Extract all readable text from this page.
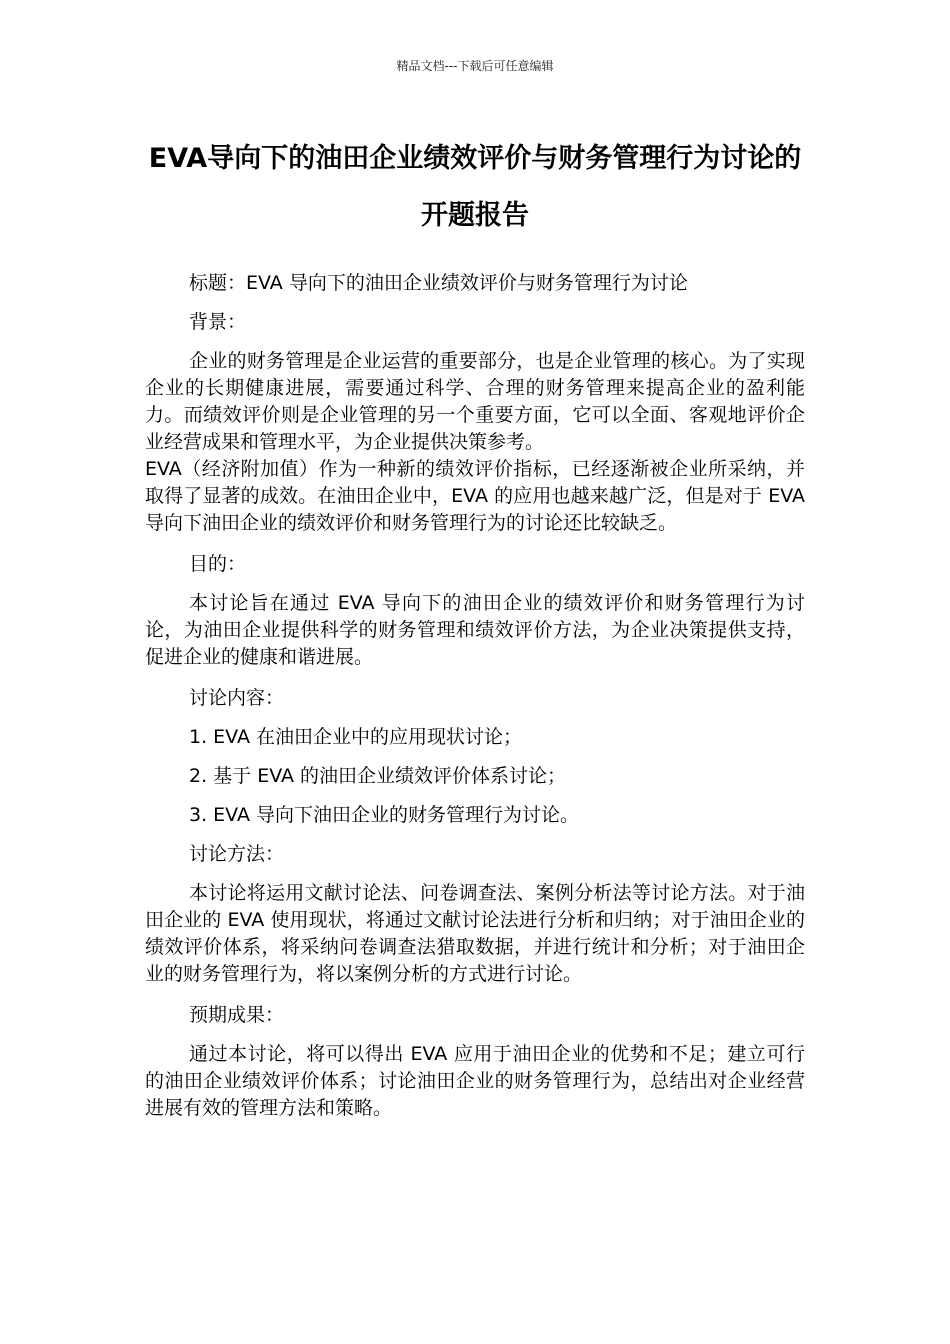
精品文档---下载后可任意编辑
EVA导向下的油田企业绩效评价与财务管理行为讨论的开题报告

标题：EVA 导向下的油田企业绩效评价与财务管理行为讨论

背景：

企业的财务管理是企业运营的重要部分，也是企业管理的核心。为了实现企业的长期健康进展，需要通过科学、合理的财务管理来提高企业的盈利能力。而绩效评价则是企业管理的另一个重要方面，它可以全面、客观地评价企业经营成果和管理水平，为企业提供决策参考。

EVA（经济附加值）作为一种新的绩效评价指标，已经逐渐被企业所采纳，并取得了显著的成效。在油田企业中，EVA 的应用也越来越广泛，但是对于 EVA 导向下油田企业的绩效评价和财务管理行为的讨论还比较缺乏。

目的：

本讨论旨在通过 EVA 导向下的油田企业的绩效评价和财务管理行为讨论，为油田企业提供科学的财务管理和绩效评价方法，为企业决策提供支持，促进企业的健康和谐进展。

讨论内容：

1. EVA 在油田企业中的应用现状讨论；

2. 基于 EVA 的油田企业绩效评价体系讨论；

3. EVA 导向下油田企业的财务管理行为讨论。

讨论方法：

本讨论将运用文献讨论法、问卷调查法、案例分析法等讨论方法。对于油田企业的 EVA 使用现状，将通过文献讨论法进行分析和归纳；对于油田企业的绩效评价体系，将采纳问卷调查法猎取数据，并进行统计和分析；对于油田企业的财务管理行为，将以案例分析的方式进行讨论。

预期成果：

通过本讨论，将可以得出 EVA 应用于油田企业的优势和不足；建立可行的油田企业绩效评价体系；讨论油田企业的财务管理行为，总结出对企业经营进展有效的管理方法和策略。
